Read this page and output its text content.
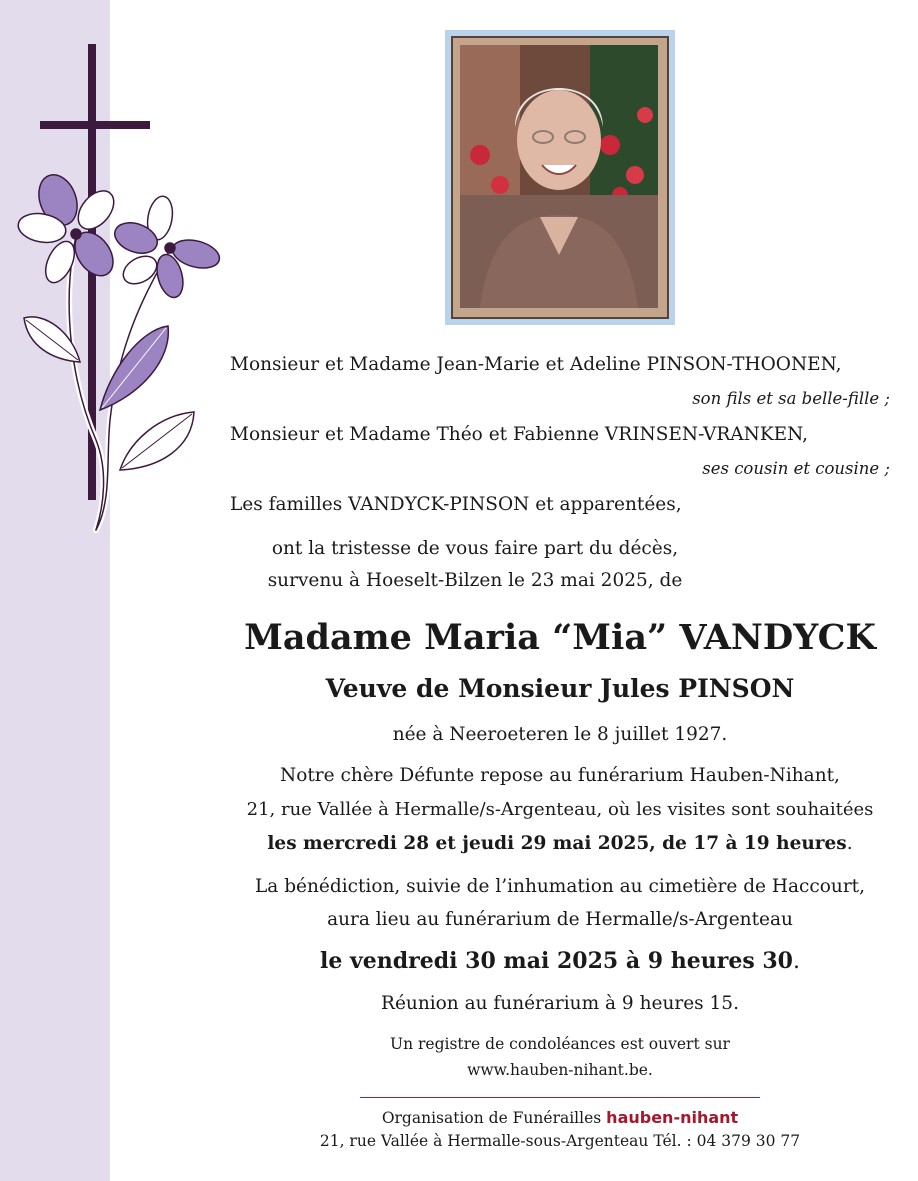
Monsieur et Madame Jean-Marie et Adeline PINSON-THOONEN,
son fils et sa belle-fille ;
Monsieur et Madame Théo et Fabienne VRINSEN-VRANKEN,
ses cousin et cousine ;
Les familles VANDYCK-PINSON et apparentées,
ont la tristesse de vous faire part du décès,
survenu à Hoeselt-Bilzen le 23 mai 2025, de
Madame Maria “Mia” VANDYCK
Veuve de Monsieur Jules PINSON
née à Neeroeteren le 8 juillet 1927.
Notre chère Défunte repose au funérarium Hauben-Nihant,
21, rue Vallée à Hermalle/s-Argenteau, où les visites sont souhaitées
les mercredi 28 et jeudi 29 mai 2025, de 17 à 19 heures.
La bénédiction, suivie de l’inhumation au cimetière de Haccourt,
aura lieu au funérarium de Hermalle/s-Argenteau
le vendredi 30 mai 2025 à 9 heures 30.
Réunion au funérarium à 9 heures 15.
Un registre de condoléances est ouvert sur
www.hauben-nihant.be.
Organisation de Funérailles hauben-nihant
21, rue Vallée à Hermalle-sous-Argenteau Tél. : 04 379 30 77
